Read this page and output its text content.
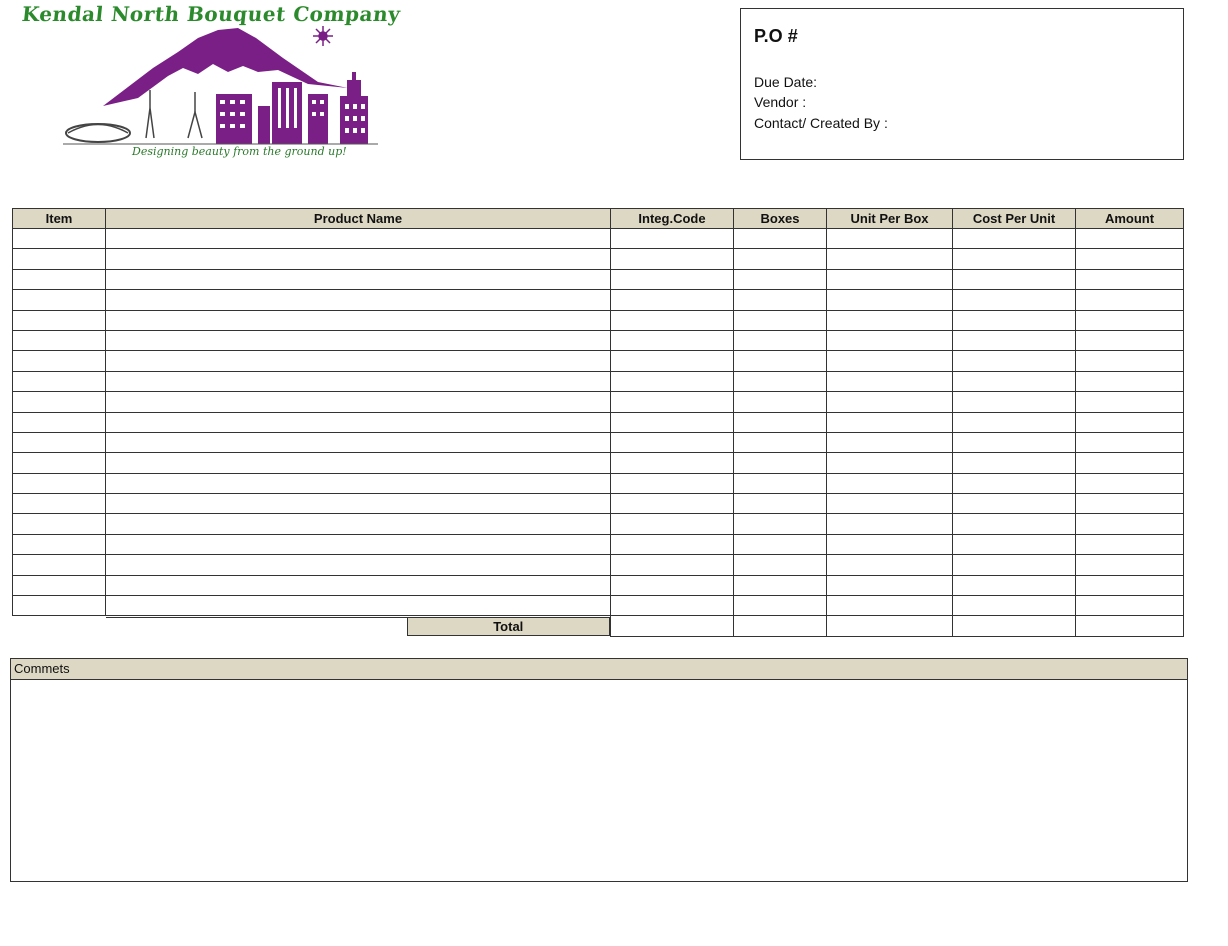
Kendal North Bouquet Company
Designing beauty from the ground up!
P.O #
Due Date:
Vendor :
Contact/ Created By :
Item	Product Name	Integ.Code	Boxes	Unit Per Box	Cost Per Unit	Amount

	Total					

Commets
